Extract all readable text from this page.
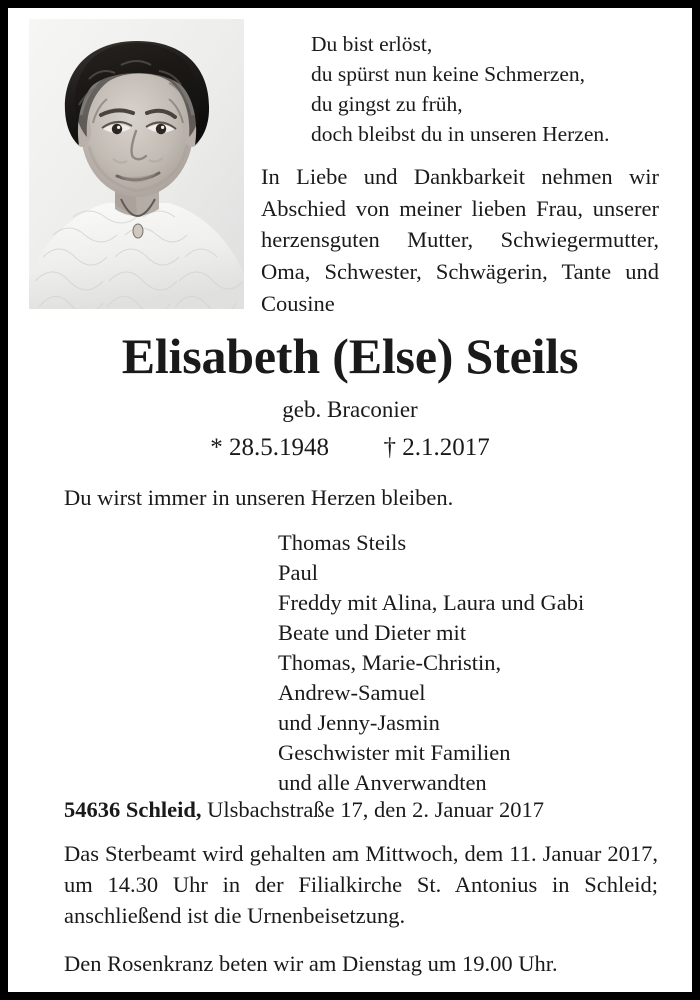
Du bist erlöst,
du spürst nun keine Schmerzen,
du gingst zu früh,
doch bleibst du in unseren Herzen.
In Liebe und Dankbarkeit nehmen wir Abschied von meiner lieben Frau, unserer herzensguten Mutter, Schwiegermutter, Oma, Schwester, Schwägerin, Tante und Cousine
Elisabeth (Else) Steils
geb. Braconier
* 28.5.1948 † 2.1.2017
Du wirst immer in unseren Herzen bleiben.
Thomas Steils
Paul
Freddy mit Alina, Laura und Gabi
Beate und Dieter mit
Thomas, Marie-Christin,
Andrew-Samuel
und Jenny-Jasmin
Geschwister mit Familien
und alle Anverwandten
54636 Schleid, Ulsbachstraße 17, den 2. Januar 2017
Das Sterbeamt wird gehalten am Mittwoch, dem 11. Januar 2017, um 14.30 Uhr in der Filialkirche St. Antonius in Schleid; anschließend ist die Urnenbeisetzung.
Den Rosenkranz beten wir am Dienstag um 19.00 Uhr.
